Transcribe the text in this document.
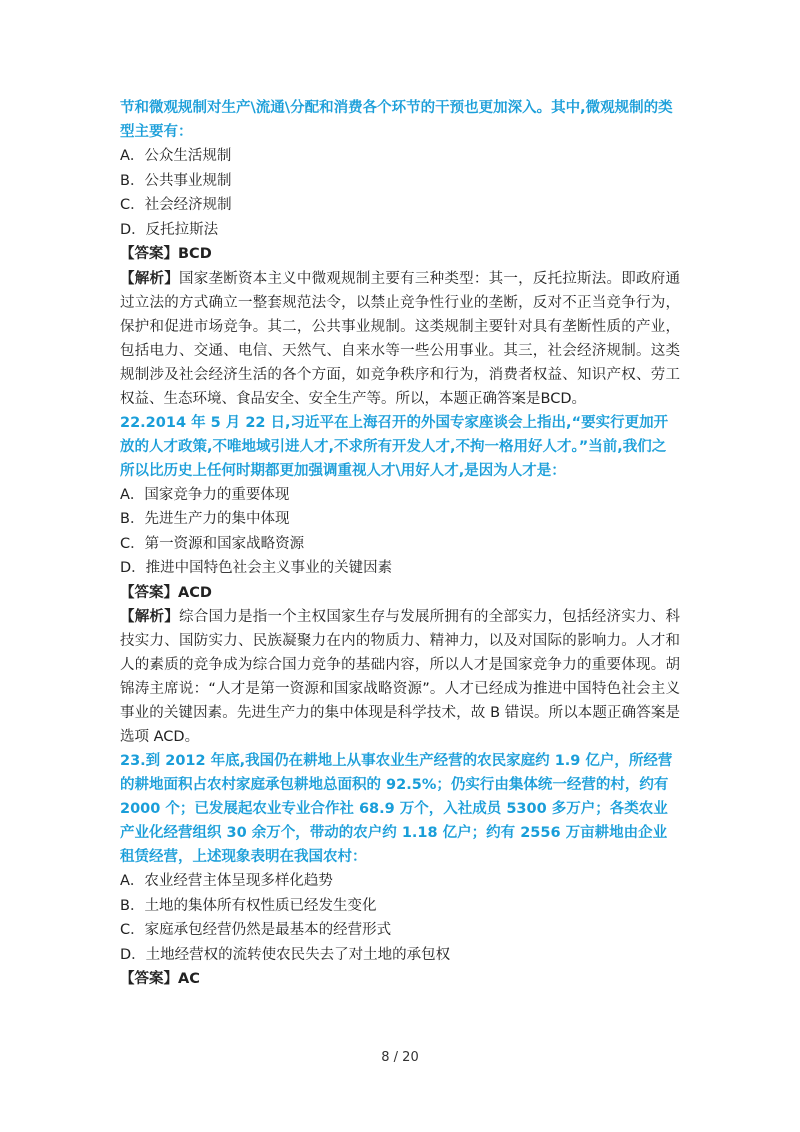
节和微观规制对生产\流通\分配和消费各个环节的干预也更加深入。其中,微观规制的类型主要有：

A．公众生活规制

B．公共事业规制

C．社会经济规制

D．反托拉斯法

【答案】BCD

【解析】国家垄断资本主义中微观规制主要有三种类型：其一，反托拉斯法。即政府通过立法的方式确立一整套规范法令，以禁止竞争性行业的垄断，反对不正当竞争行为，保护和促进市场竞争。其二，公共事业规制。这类规制主要针对具有垄断性质的产业，包括电力、交通、电信、天然气、自来水等一些公用事业。其三，社会经济规制。这类规制涉及社会经济生活的各个方面，如竞争秩序和行为，消费者权益、知识产权、劳工权益、生态环境、食品安全、安全生产等。所以，本题正确答案是BCD。

22.2014 年 5 月 22 日,习近平在上海召开的外国专家座谈会上指出,“要实行更加开放的人才政策,不唯地域引进人才,不求所有开发人才,不拘一格用好人才。”当前,我们之所以比历史上任何时期都更加强调重视人才\用好人才,是因为人才是：

A．国家竞争力的重要体现

B．先进生产力的集中体现

C．第一资源和国家战略资源

D．推进中国特色社会主义事业的关键因素

【答案】ACD

【解析】综合国力是指一个主权国家生存与发展所拥有的全部实力，包括经济实力、科技实力、国防实力、民族凝聚力在内的物质力、精神力，以及对国际的影响力。人才和人的素质的竞争成为综合国力竞争的基础内容，所以人才是国家竞争力的重要体现。胡锦涛主席说：“人才是第一资源和国家战略资源”。人才已经成为推进中国特色社会主义事业的关键因素。先进生产力的集中体现是科学技术，故 B 错误。所以本题正确答案是选项 ACD。

23.到 2012 年底,我国仍在耕地上从事农业生产经营的农民家庭约 1.9 亿户，所经营的耕地面积占农村家庭承包耕地总面积的 92.5%；仍实行由集体统一经营的村，约有 2000 个；已发展起农业专业合作社 68.9 万个，入社成员 5300 多万户；各类农业产业化经营组织 30 余万个，带动的农户约 1.18 亿户；约有 2556 万亩耕地由企业租赁经营，上述现象表明在我国农村：

A．农业经营主体呈现多样化趋势

B．土地的集体所有权性质已经发生变化

C．家庭承包经营仍然是最基本的经营形式

D．土地经营权的流转使农民失去了对土地的承包权

【答案】AC

8 / 20
